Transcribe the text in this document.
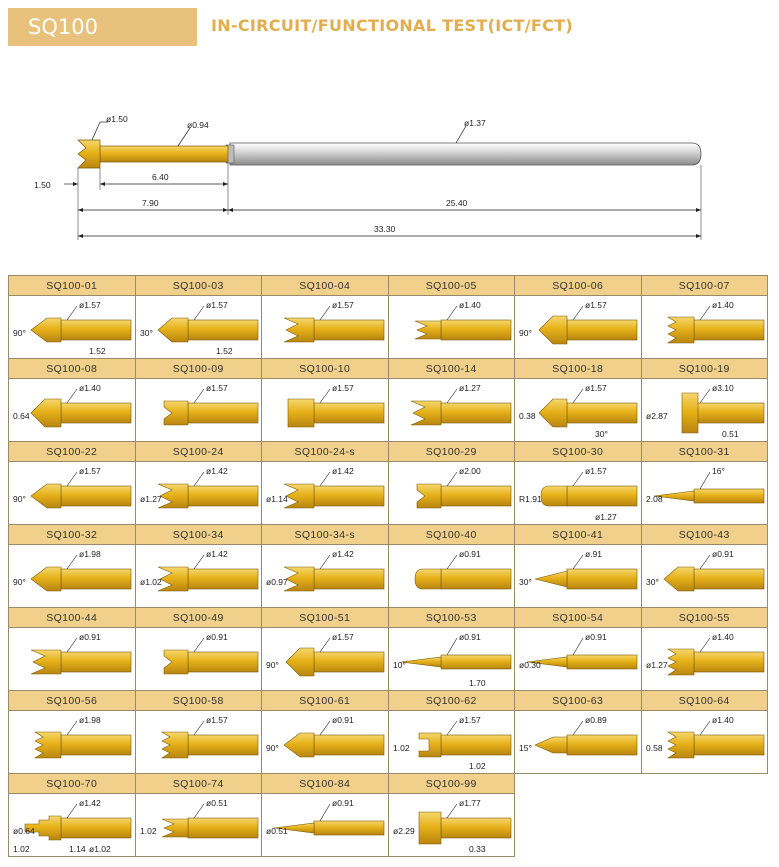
SQ100	IN-CIRCUIT/FUNCTIONAL TEST(ICT/FCT)
ø1.50
ø0.94	ø1.37
1.50
6.40
7.90	25.40
33.30
SQ100-01
ø1.57
90°
1.52
SQ100-03
ø1.57
30°
1.52
SQ100-04
ø1.57
SQ100-05
ø1.40
SQ100-06
ø1.57
90°
SQ100-07
ø1.40
SQ100-08
ø1.40
0.64
SQ100-09
ø1.57
SQ100-10
ø1.57
SQ100-14
ø1.27
SQ100-18
ø1.57
0.38
30°
SQ100-19
ø3.10
ø2.87
0.51
SQ100-22
ø1.57
90°
SQ100-24
ø1.42
ø1.27
SQ100-24-s
ø1.42
ø1.14
SQ100-29
ø2.00
SQ100-30
ø1.57
R1.91
ø1.27
SQ100-31
16°
2.08
SQ100-32
ø1.98
90°
SQ100-34
ø1.42
ø1.02
SQ100-34-s
ø1.42
ø0.97
SQ100-40
ø0.91
SQ100-41
ø.91
30°
SQ100-43
ø0.91
30°
SQ100-44
ø0.91
SQ100-49
ø0.91
SQ100-51
ø1.57
90°
SQ100-53
ø0.91
10°
1.70
SQ100-54
ø0.91
ø0.30
SQ100-55
ø1.40
ø1.27
SQ100-56
ø1.98
SQ100-58
ø1.57
SQ100-61
ø0.91
90°
SQ100-62
ø1.57
1.02
1.02
SQ100-63
ø0.89
15°
SQ100-64
ø1.40
0.58
SQ100-70
ø1.42
ø0.64
ø1.02
1.02	1.14
SQ100-74
ø0.51
1.02
SQ100-84
ø0.91
ø0.51
SQ100-99
ø1.77
ø2.29
0.33
